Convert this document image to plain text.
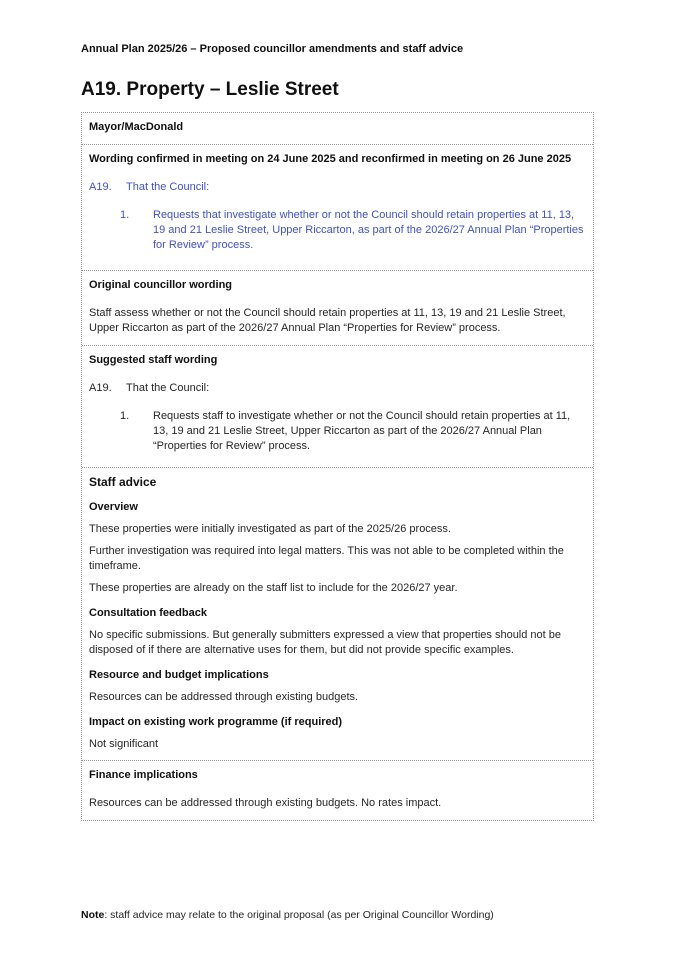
Annual Plan 2025/26 – Proposed councillor amendments and staff advice
A19. Property – Leslie Street
Mayor/MacDonald
Wording confirmed in meeting on 24 June 2025 and reconfirmed in meeting on 26 June 2025
A19.	That the Council:
1.	Requests that investigate whether or not the Council should retain properties at 11, 13, 19 and 21 Leslie Street, Upper Riccarton, as part of the 2026/27 Annual Plan “Properties for Review” process.
Original councillor wording
Staff assess whether or not the Council should retain properties at 11, 13, 19 and 21 Leslie Street, Upper Riccarton as part of the 2026/27 Annual Plan “Properties for Review” process.
Suggested staff wording
A19.	That the Council:
1.	Requests staff to investigate whether or not the Council should retain properties at 11, 13, 19 and 21 Leslie Street, Upper Riccarton as part of the 2026/27 Annual Plan “Properties for Review” process.
Staff advice
Overview
These properties were initially investigated as part of the 2025/26 process.
Further investigation was required into legal matters. This was not able to be completed within the timeframe.
These properties are already on the staff list to include for the 2026/27 year.
Consultation feedback
No specific submissions. But generally submitters expressed a view that properties should not be disposed of if there are alternative uses for them, but did not provide specific examples.
Resource and budget implications
Resources can be addressed through existing budgets.
Impact on existing work programme (if required)
Not significant
Finance implications
Resources can be addressed through existing budgets. No rates impact.
Note: staff advice may relate to the original proposal (as per Original Councillor Wording)
